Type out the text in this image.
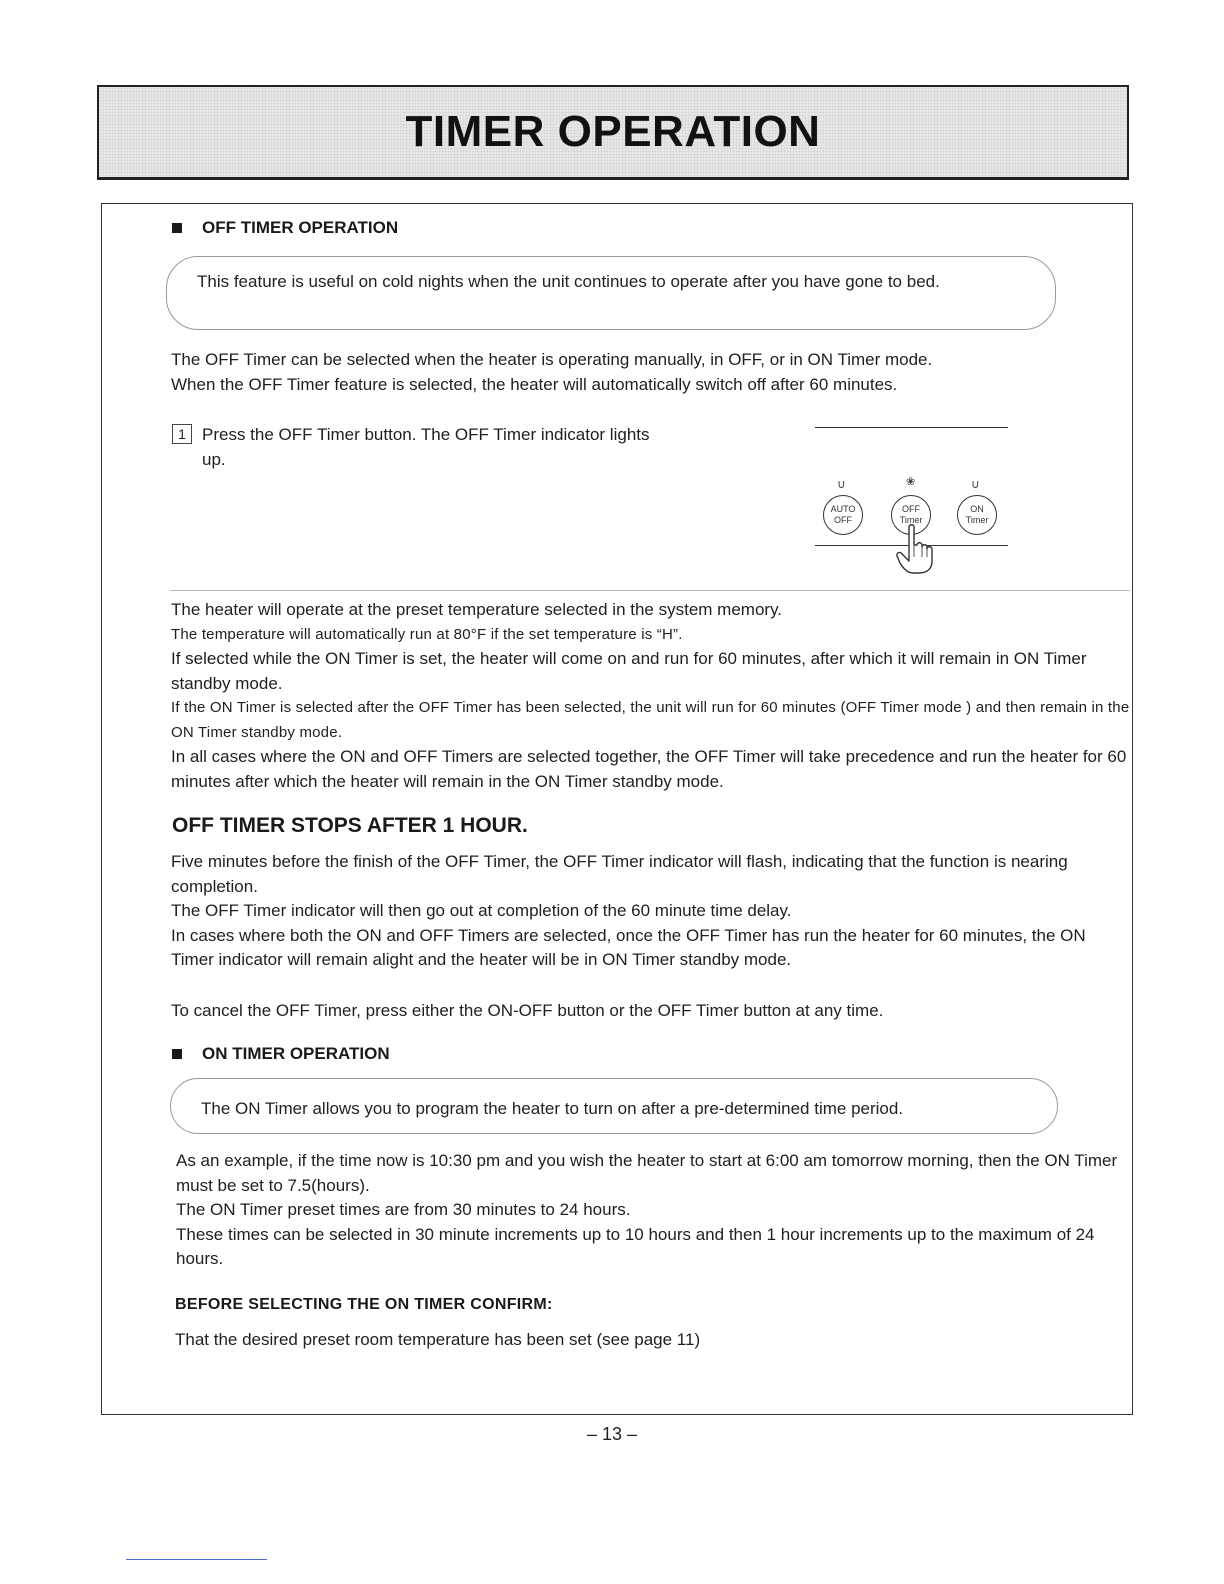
TIMER OPERATION
OFF TIMER OPERATION
This feature is useful on cold nights when the unit continues to operate after you have gone to bed.

The OFF Timer can be selected when the heater is operating manually, in OFF, or in ON Timer mode.

When the OFF Timer feature is selected, the heater will automatically switch off after 60 minutes.

1 Press the OFF Timer button. The OFF Timer indicator lights up.
∪	❀	∪
AUTO
OFF
OFF
Timer
ON
Timer

The heater will operate at the preset temperature selected in the system memory.

The temperature will automatically run at 80°F if the set temperature is “H”.

If selected while the ON Timer is set, the heater will come on and run for 60 minutes, after which it will remain in ON Timer standby mode.

If the ON Timer is selected after the OFF Timer has been selected, the unit will run for 60 minutes (OFF Timer mode ) and then remain in the ON Timer standby mode.

In all cases where the ON and OFF Timers are selected together, the OFF Timer will take precedence and run the heater for 60 minutes after which the heater will remain in the ON Timer standby mode.

OFF TIMER STOPS AFTER 1 HOUR.

Five minutes before the finish of the OFF Timer, the OFF Timer indicator will flash, indicating that the function is nearing completion.

The OFF Timer indicator will then go out at completion of the 60 minute time delay.

In cases where both the ON and OFF Timers are selected, once the OFF Timer has run the heater for 60 minutes, the ON Timer indicator will remain alight and the heater will be in ON Timer standby mode.

To cancel the OFF Timer, press either the ON-OFF button or the OFF Timer button at any time.
ON TIMER OPERATION
The ON Timer allows you to program the heater to turn on after a pre-determined time period.

As an example, if the time now is 10:30 pm and you wish the heater to start at 6:00 am tomorrow morning, then the ON Timer must be set to 7.5(hours).

The ON Timer preset times are from 30 minutes to 24 hours.

These times can be selected in 30 minute increments up to 10 hours and then 1 hour increments up to the maximum of 24 hours.

BEFORE SELECTING THE ON TIMER CONFIRM:
That the desired preset room temperature has been set (see page 11)
– 13 –
